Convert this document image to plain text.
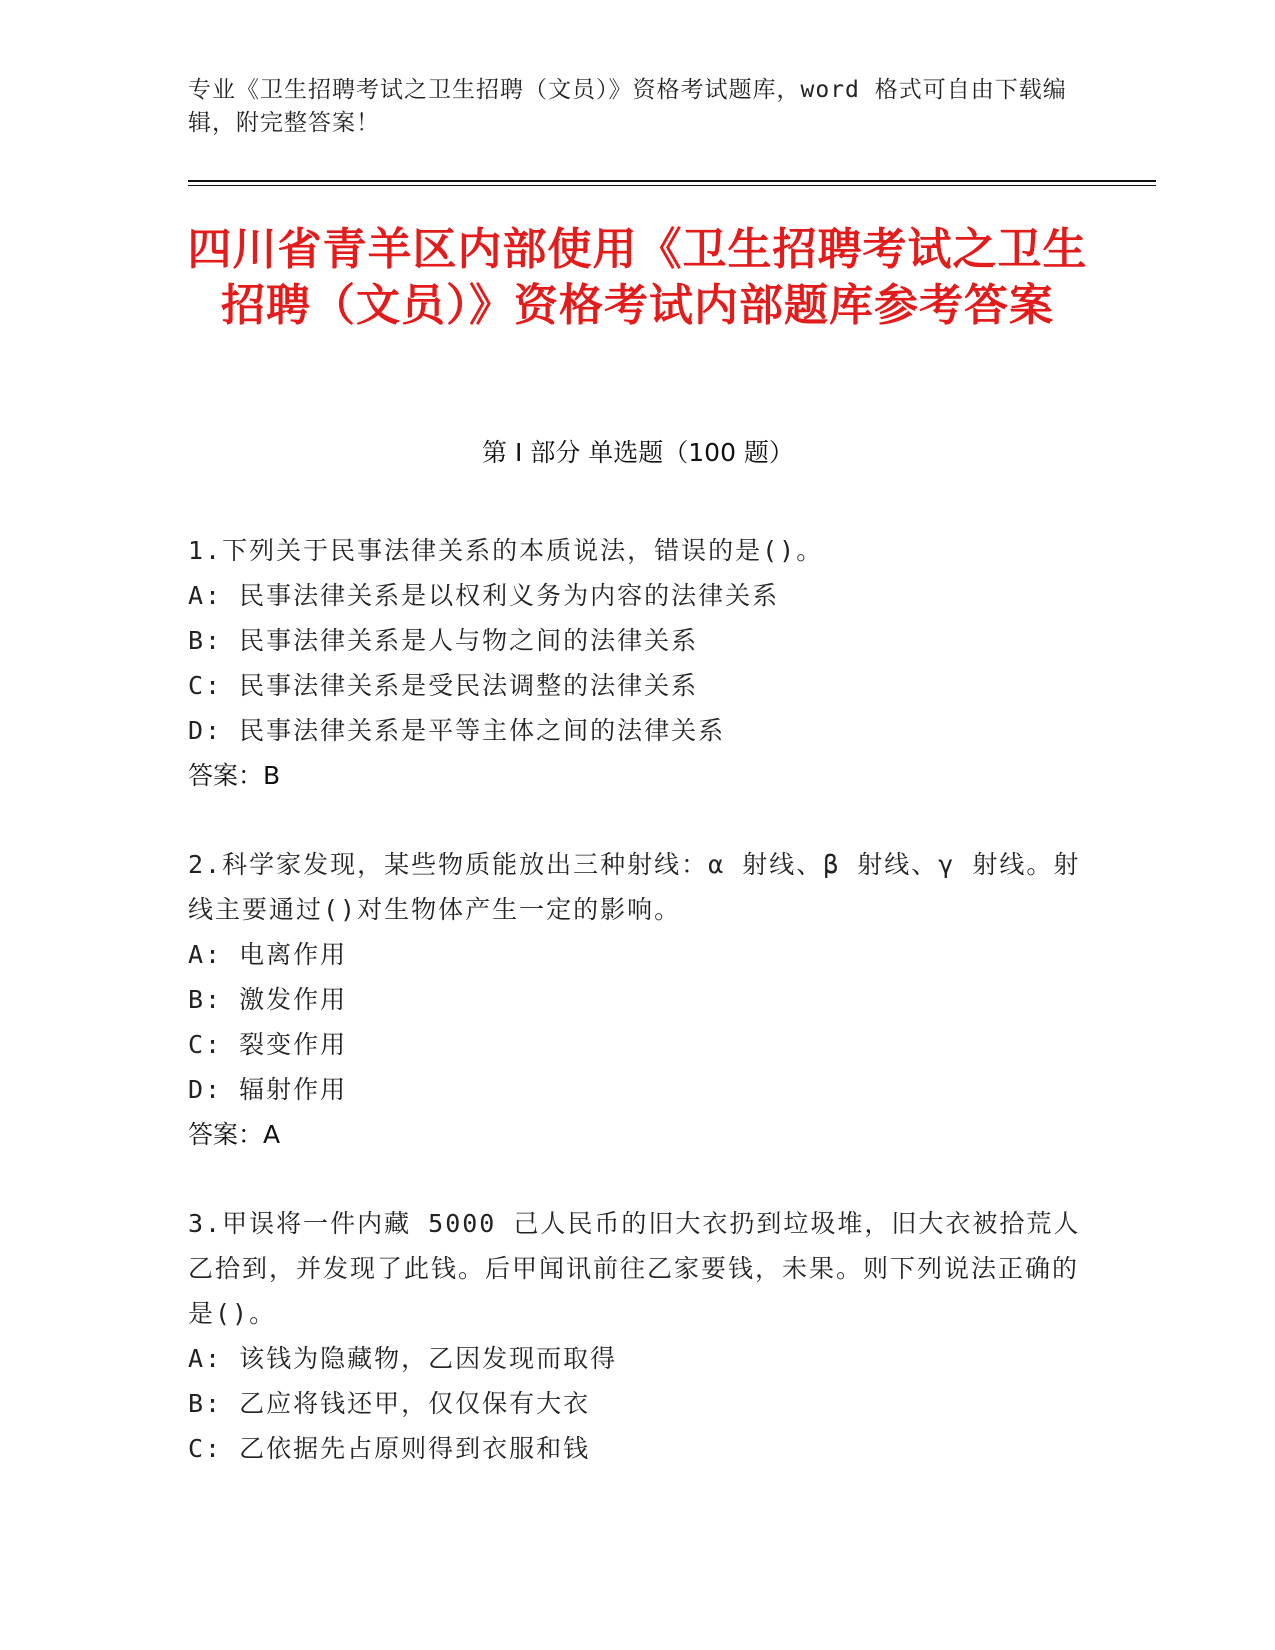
专业《卫生招聘考试之卫生招聘（文员）》资格考试题库，word 格式可自由下载编辑，附完整答案！
四川省青羊区内部使用《卫生招聘考试之卫生招聘（文员）》资格考试内部题库参考答案
第 I 部分 单选题（100 题）
1.下列关于民事法律关系的本质说法，错误的是()。
A: 民事法律关系是以权利义务为内容的法律关系
B: 民事法律关系是人与物之间的法律关系
C: 民事法律关系是受民法调整的法律关系
D: 民事法律关系是平等主体之间的法律关系
答案：B
2.科学家发现，某些物质能放出三种射线：α 射线、β 射线、γ 射线。射线主要通过()对生物体产生一定的影响。
A: 电离作用
B: 激发作用
C: 裂变作用
D: 辐射作用
答案：A
3.甲误将一件内藏 5000 己人民币的旧大衣扔到垃圾堆，旧大衣被拾荒人乙拾到，并发现了此钱。后甲闻讯前往乙家要钱，未果。则下列说法正确的是()。
A: 该钱为隐藏物，乙因发现而取得
B: 乙应将钱还甲，仅仅保有大衣
C: 乙依据先占原则得到衣服和钱
